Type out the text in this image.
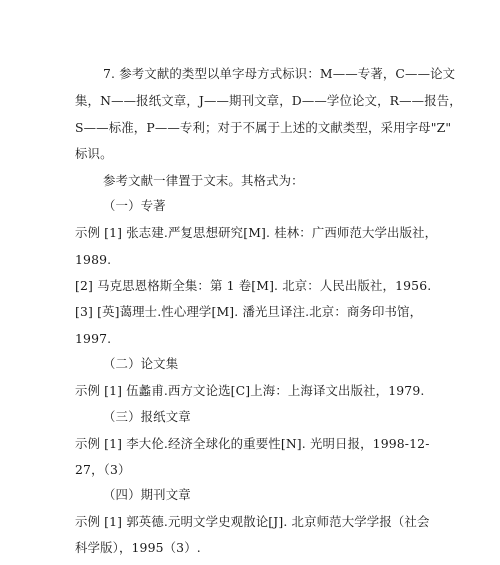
7. 参考文献的类型以单字母方式标识：M——专著，C——论文
集，N——报纸文章，J——期刊文章，D——学位论文，R——报告，
S——标准，P——专利；对于不属于上述的文献类型，采用字母"Z"
标识。
参考文献一律置于文末。其格式为：
（一）专著
示例 [1] 张志建.严复思想研究[M]. 桂林：广西师范大学出版社，
1989.
[2] 马克思恩格斯全集：第 1 卷[M]. 北京：人民出版社，1956.
[3] [英]蔼理士.性心理学[M]. 潘光旦译注.北京：商务印书馆，
1997.
（二）论文集
示例 [1] 伍蠡甫.西方文论选[C]上海：上海译文出版社，1979.
（三）报纸文章
示例 [1] 李大伦.经济全球化的重要性[N]. 光明日报，1998-12-
27，（3）
（四）期刊文章
示例 [1] 郭英德.元明文学史观散论[J]. 北京师范大学学报（社会
科学版），1995（3）.
